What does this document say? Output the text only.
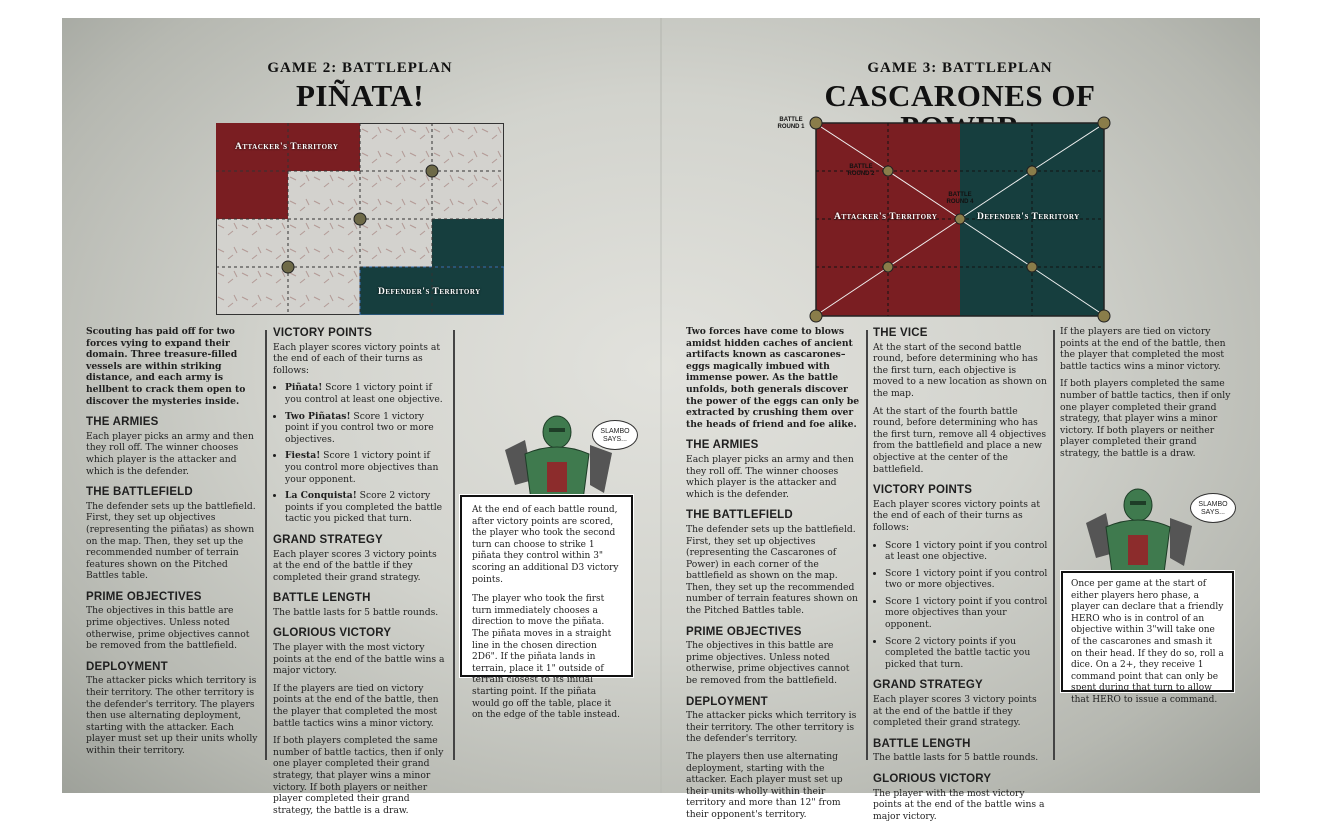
GAME 2: BATTLEPLAN
PIÑATA!
Attacker's Territory
Defender's Territory

Scouting has paid off for two forces vying to expand their domain. Three treasure-filled vessels are within striking distance, and each army is hellbent to crack them open to discover the mysteries inside.

THE ARMIES

Each player picks an army and then they roll off. The winner chooses which player is the attacker and which is the defender.

THE BATTLEFIELD

The defender sets up the battlefield. First, they set up objectives (representing the piñatas) as shown on the map. Then, they set up the recommended number of terrain features shown on the Pitched Battles table.

PRIME OBJECTIVES

The objectives in this battle are prime objectives. Unless noted otherwise, prime objectives cannot be removed from the battlefield.

DEPLOYMENT

The attacker picks which territory is their territory. The other territory is the defender's territory. The players then use alternating deployment, starting with the attacker. Each player must set up their units wholly within their territory.

VICTORY POINTS

Each player scores victory points at the end of each of their turns as follows:

• Piñata! Score 1 victory point if you control at least one objective.
• Two Piñatas! Score 1 victory point if you control two or more objectives.
• Fiesta! Score 1 victory point if you control more objectives than your opponent.
• La Conquista! Score 2 victory points if you completed the battle tactic you picked that turn.
GRAND STRATEGY

Each player scores 3 victory points at the end of the battle if they completed their grand strategy.

BATTLE LENGTH

The battle lasts for 5 battle rounds.

GLORIOUS VICTORY

The player with the most victory points at the end of the battle wins a major victory.

If the players are tied on victory points at the end of the battle, then the player that completed the most battle tactics wins a minor victory.

If both players completed the same number of battle tactics, then if only one player completed their grand strategy, that player wins a minor victory. If both players or neither player completed their grand strategy, the battle is a draw.

SLAMBO SAYS...

At the end of each battle round, after victory points are scored, the player who took the second turn can choose to strike 1 piñata they control within 3" scoring an additional D3 victory points.

The player who took the first turn immediately chooses a direction to move the piñata. The piñata moves in a straight line in the chosen direction 2D6". If the piñata lands in terrain, place it 1" outside of terrain closest to its initial starting point. If the piñata would go off the table, place it on the edge of the table instead.

GAME 3: BATTLEPLAN
CASCARONES OF
BATTLE ROUND 1
BATTLE ROUND 2
BATTLE ROUND 4
Attacker's Territory	Defender's Territory

Two forces have come to blows amidst hidden caches of ancient artifacts known as cascarones–eggs magically imbued with immense power. As the battle unfolds, both generals discover the power of the eggs can only be extracted by crushing them over the heads of friend and foe alike.

THE ARMIES

Each player picks an army and then they roll off. The winner chooses which player is the attacker and which is the defender.

THE BATTLEFIELD

The defender sets up the battlefield. First, they set up objectives (representing the Cascarones of Power) in each corner of the battlefield as shown on the map. Then, they set up the recommended number of terrain features shown on the Pitched Battles table.

PRIME OBJECTIVES

The objectives in this battle are prime objectives. Unless noted otherwise, prime objectives cannot be removed from the battlefield.

DEPLOYMENT

The attacker picks which territory is their territory. The other territory is the defender's territory.

The players then use alternating deployment, starting with the attacker. Each player must set up their units wholly within their territory and more than 12" from their opponent's territory.

THE VICE

At the start of the second battle round, before determining who has the first turn, each objective is moved to a new location as shown on the map.

At the start of the fourth battle round, before determining who has the first turn, remove all 4 objectives from the battlefield and place a new objective at the center of the battlefield.

VICTORY POINTS

Each player scores victory points at the end of each of their turns as follows:

• Score 1 victory point if you control at least one objective.
• Score 1 victory point if you control two or more objectives.
• Score 1 victory point if you control more objectives than your opponent.
• Score 2 victory points if you completed the battle tactic you picked that turn.
GRAND STRATEGY

Each player scores 3 victory points at the end of the battle if they completed their grand strategy.

BATTLE LENGTH

The battle lasts for 5 battle rounds.

GLORIOUS VICTORY

The player with the most victory points at the end of the battle wins a major victory.

If the players are tied on victory points at the end of the battle, then the player that completed the most battle tactics wins a minor victory.

If both players completed the same number of battle tactics, then if only one player completed their grand strategy, that player wins a minor victory. If both players or neither player completed their grand strategy, the battle is a draw.

SLAMBO SAYS...

Once per game at the start of either players hero phase, a player can declare that a friendly HERO who is in control of an objective within 3"will take one of the cascarones and smash it on their head. If they do so, roll a dice. On a 2+, they receive 1 command point that can only be spent during that turn to allow that HERO to issue a command.
